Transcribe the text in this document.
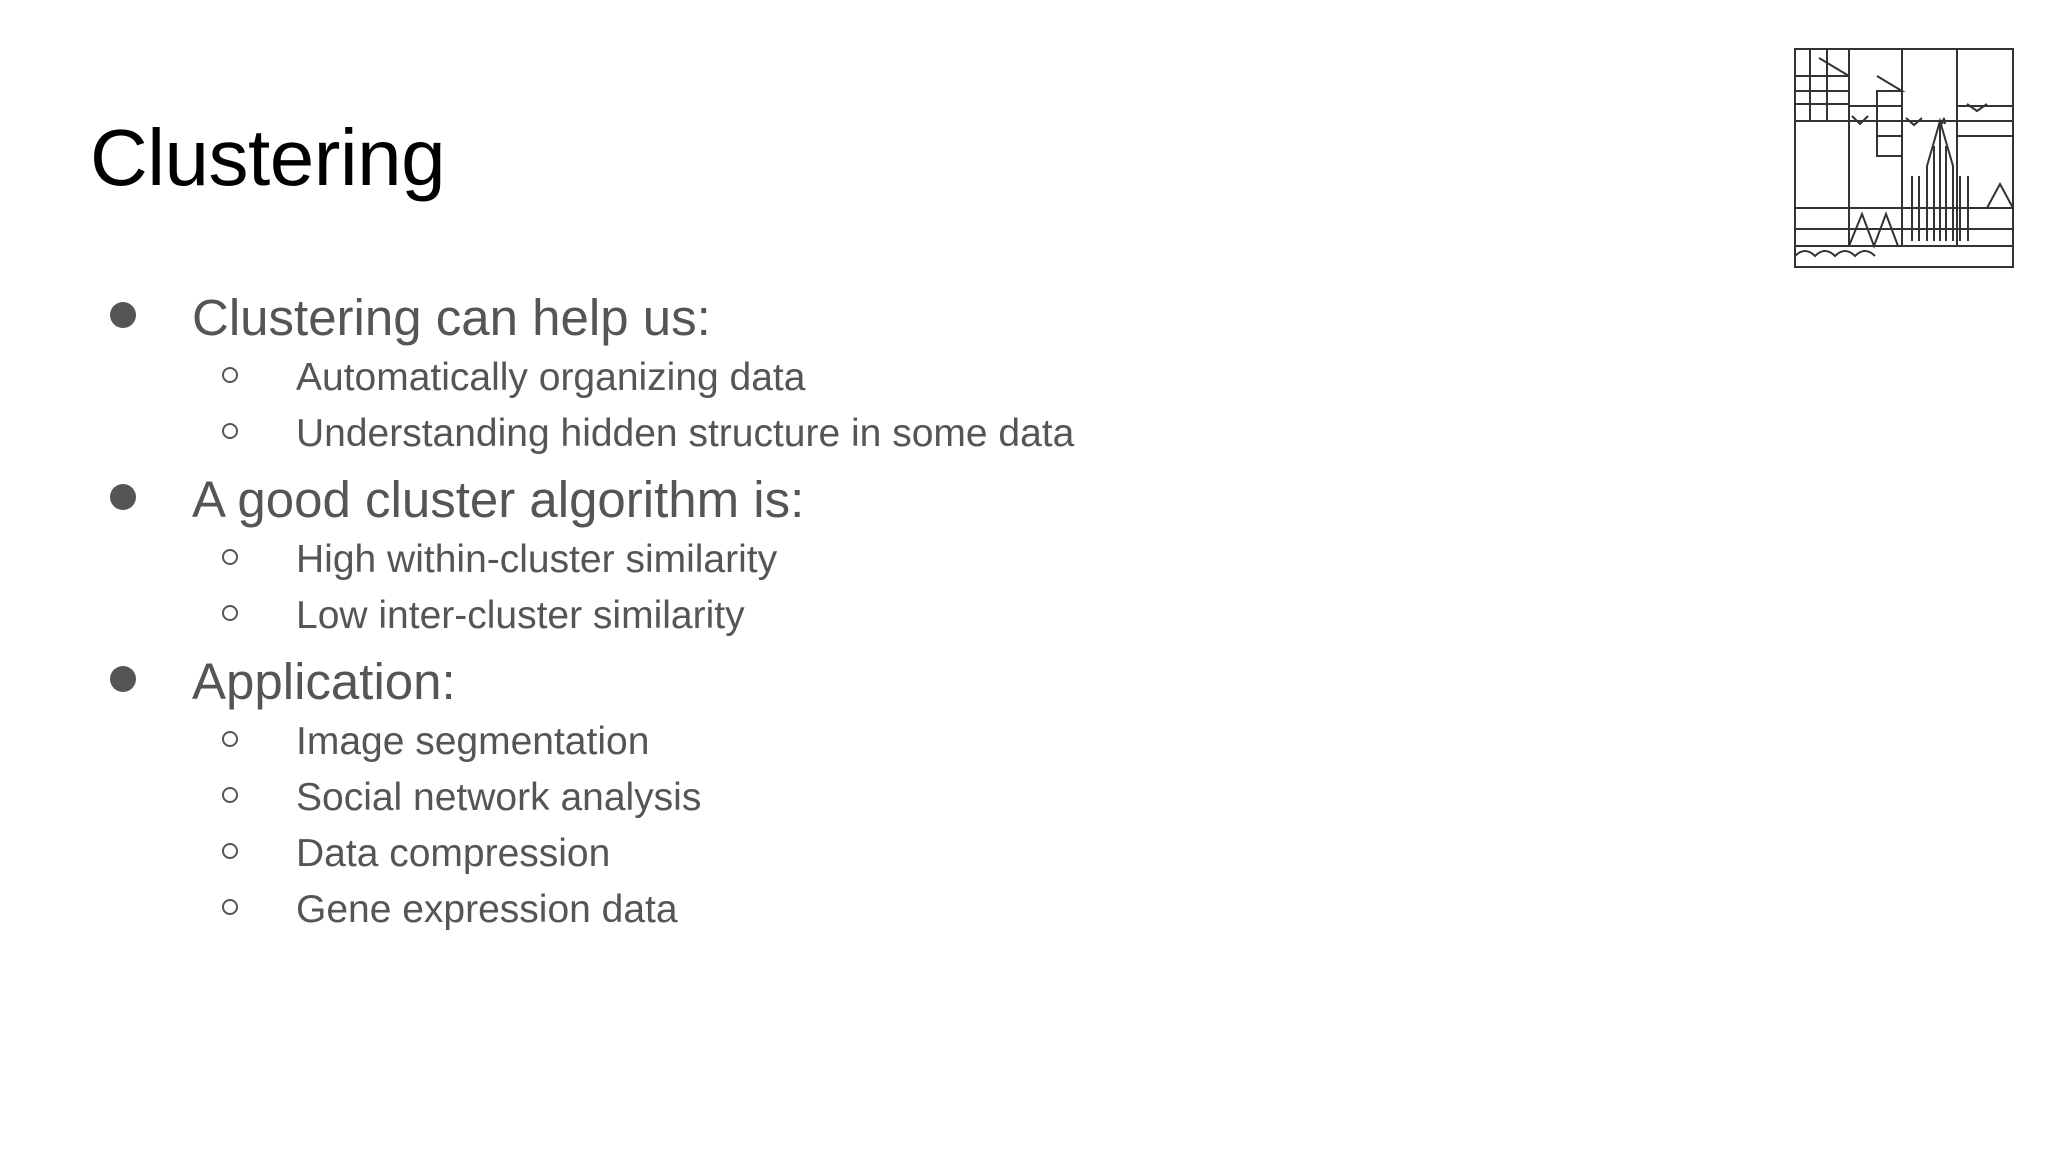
Clustering
Clustering can help us:
Automatically organizing data
Understanding hidden structure in some data
A good cluster algorithm is:
High within-cluster similarity
Low inter-cluster similarity
Application:
Image segmentation
Social network analysis
Data compression
Gene expression data
